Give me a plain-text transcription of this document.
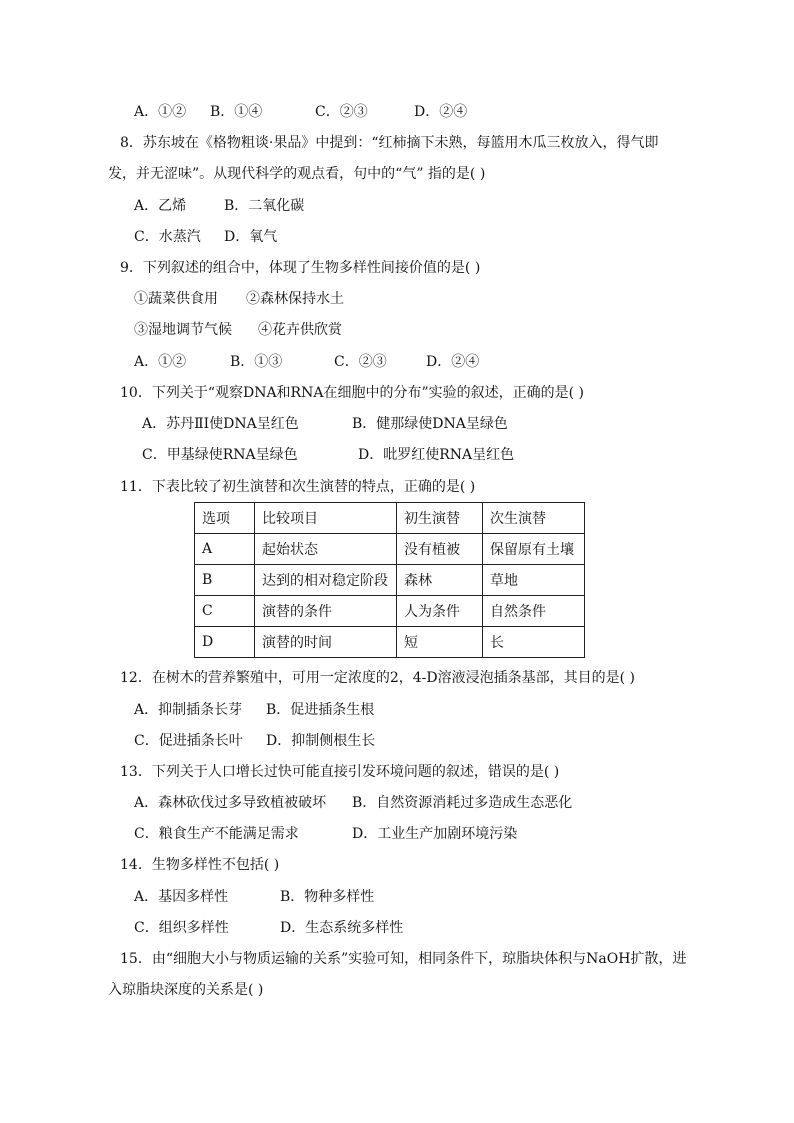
A．①② B．①④	C．②③	D．②④
8．苏东坡在《格物粗谈·果品》中提到：“红柿摘下未熟，每篮用木瓜三枚放入，得气即
发，并无涩味”。从现代科学的观点看，句中的“气” 指的是( )
A．乙烯	B．二氧化碳
C．水蒸汽 D．氧气
9．下列叙述的组合中，体现了生物多样性间接价值的是( )
①蔬菜供食用 ②森林保持水土
③湿地调节气候 ④花卉供欣赏
A．①②	B．①③	C．②③	D．②④
10．下列关于“观察DNA和RNA在细胞中的分布”实验的叙述，正确的是( )
A．苏丹ⅡI使DNA呈红色	B．健那绿使DNA呈绿色
C．甲基绿使RNA呈绿色	D．吡罗红使RNA呈红色
11．下表比较了初生演替和次生演替的特点，正确的是( )
选项	比较项目	初生演替	次生演替
A	起始状态	没有植被	保留原有土壤
B	达到的相对稳定阶段	森林	草地
C	演替的条件	人为条件	自然条件
D	演替的时间	短	长
12．在树木的营养繁殖中，可用一定浓度的2，4-D溶液浸泡插条基部，其目的是( )
A．抑制插条长芽 B．促进插条生根
C．促进插条长叶 D．抑制侧根生长
13．下列关于人口增长过快可能直接引发环境问题的叙述，错误的是( )
A．森林砍伐过多导致植被破坏 B．自然资源消耗过多造成生态恶化
C．粮食生产不能满足需求	D．工业生产加剧环境污染
14．生物多样性不包括( )
A．基因多样性	B．物种多样性
C．组织多样性	D．生态系统多样性
15．由“细胞大小与物质运输的关系”实验可知，相同条件下，琼脂块体积与NaOH扩散，进
入琼脂块深度的关系是( )
